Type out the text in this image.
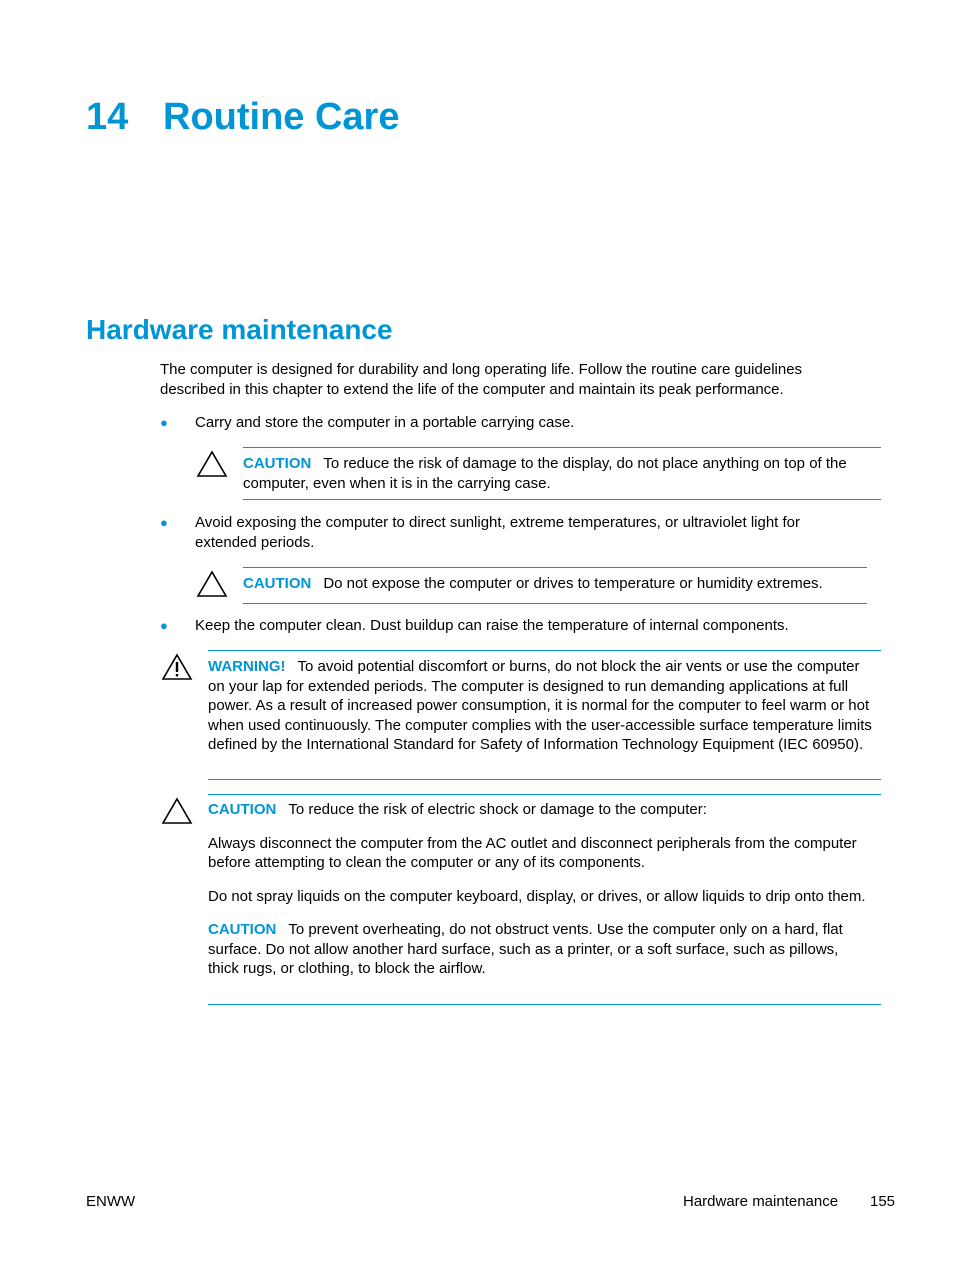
14 Routine Care
Hardware maintenance

The computer is designed for durability and long operating life. Follow the routine care guidelines described in this chapter to extend the life of the computer and maintain its peak performance.

● Carry and store the computer in a portable carrying case.

CAUTION To reduce the risk of damage to the display, do not place anything on top of the computer, even when it is in the carrying case.

● Avoid exposing the computer to direct sunlight, extreme temperatures, or ultraviolet light for extended periods.

CAUTION Do not expose the computer or drives to temperature or humidity extremes.

● Keep the computer clean. Dust buildup can raise the temperature of internal components.

WARNING! To avoid potential discomfort or burns, do not block the air vents or use the computer on your lap for extended periods. The computer is designed to run demanding applications at full power. As a result of increased power consumption, it is normal for the computer to feel warm or hot when used continuously. The computer complies with the user-accessible surface temperature limits defined by the International Standard for Safety of Information Technology Equipment (IEC 60950).

CAUTION To reduce the risk of electric shock or damage to the computer:

Always disconnect the computer from the AC outlet and disconnect peripherals from the computer before attempting to clean the computer or any of its components.

Do not spray liquids on the computer keyboard, display, or drives, or allow liquids to drip onto them.

CAUTION To prevent overheating, do not obstruct vents. Use the computer only on a hard, flat surface. Do not allow another hard surface, such as a printer, or a soft surface, such as pillows, thick rugs, or clothing, to block the airflow.

ENWW	Hardware maintenance 155
